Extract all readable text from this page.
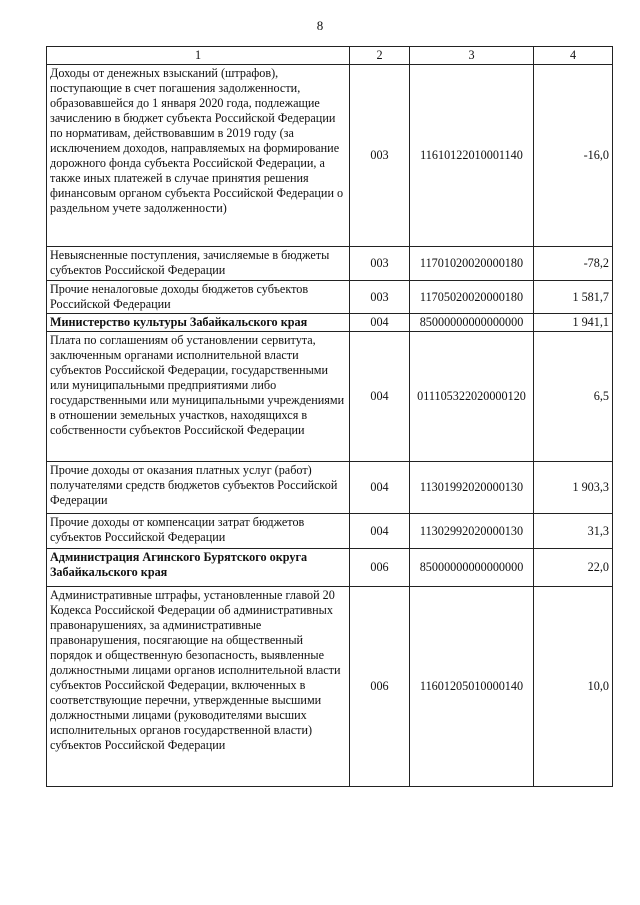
8
1	2	3	4
Доходы от денежных взысканий (штрафов), поступающие в счет погашения задолженности, образовавшейся до 1 января 2020 года, подлежащие зачислению в бюджет субъекта Российской Федерации по нормативам, действовавшим в 2019 году (за исключением доходов, направляемых на формирование дорожного фонда субъекта Российской Федерации, а также иных платежей в случае принятия решения финансовым органом субъекта Российской Федерации о раздельном учете задолженности)	003	11610122010001140	-16,0
Невыясненные поступления, зачисляемые в бюджеты субъектов Российской Федерации	003	11701020020000180	-78,2
Прочие неналоговые доходы бюджетов субъектов Российской Федерации	003	11705020020000180	1 581,7
Министерство культуры Забайкальского края	004	85000000000000000	1 941,1
Плата по соглашениям об установлении сервитута, заключенным органами исполнительной власти субъектов Российской Федерации, государственными или муниципальными предприятиями либо государственными или муниципальными учреждениями в отношении земельных участков, находящихся в собственности субъектов Российской Федерации	004	011105322020000120	6,5
Прочие доходы от оказания платных услуг (работ) получателями средств бюджетов субъектов Российской Федерации	004	11301992020000130	1 903,3
Прочие доходы от компенсации затрат бюджетов субъектов Российской Федерации	004	11302992020000130	31,3
Администрация Агинского Бурятского округа Забайкальского края	006	85000000000000000	22,0
Административные штрафы, установленные главой 20 Кодекса Российской Федерации об административных правонарушениях, за административные правонарушения, посягающие на общественный порядок и общественную безопасность, выявленные должностными лицами органов исполнительной власти субъектов Российской Федерации, включенных в соответствующие перечни, утвержденные высшими должностными лицами (руководителями высших исполнительных органов государственной власти) субъектов Российской Федерации	006	11601205010000140	10,0
